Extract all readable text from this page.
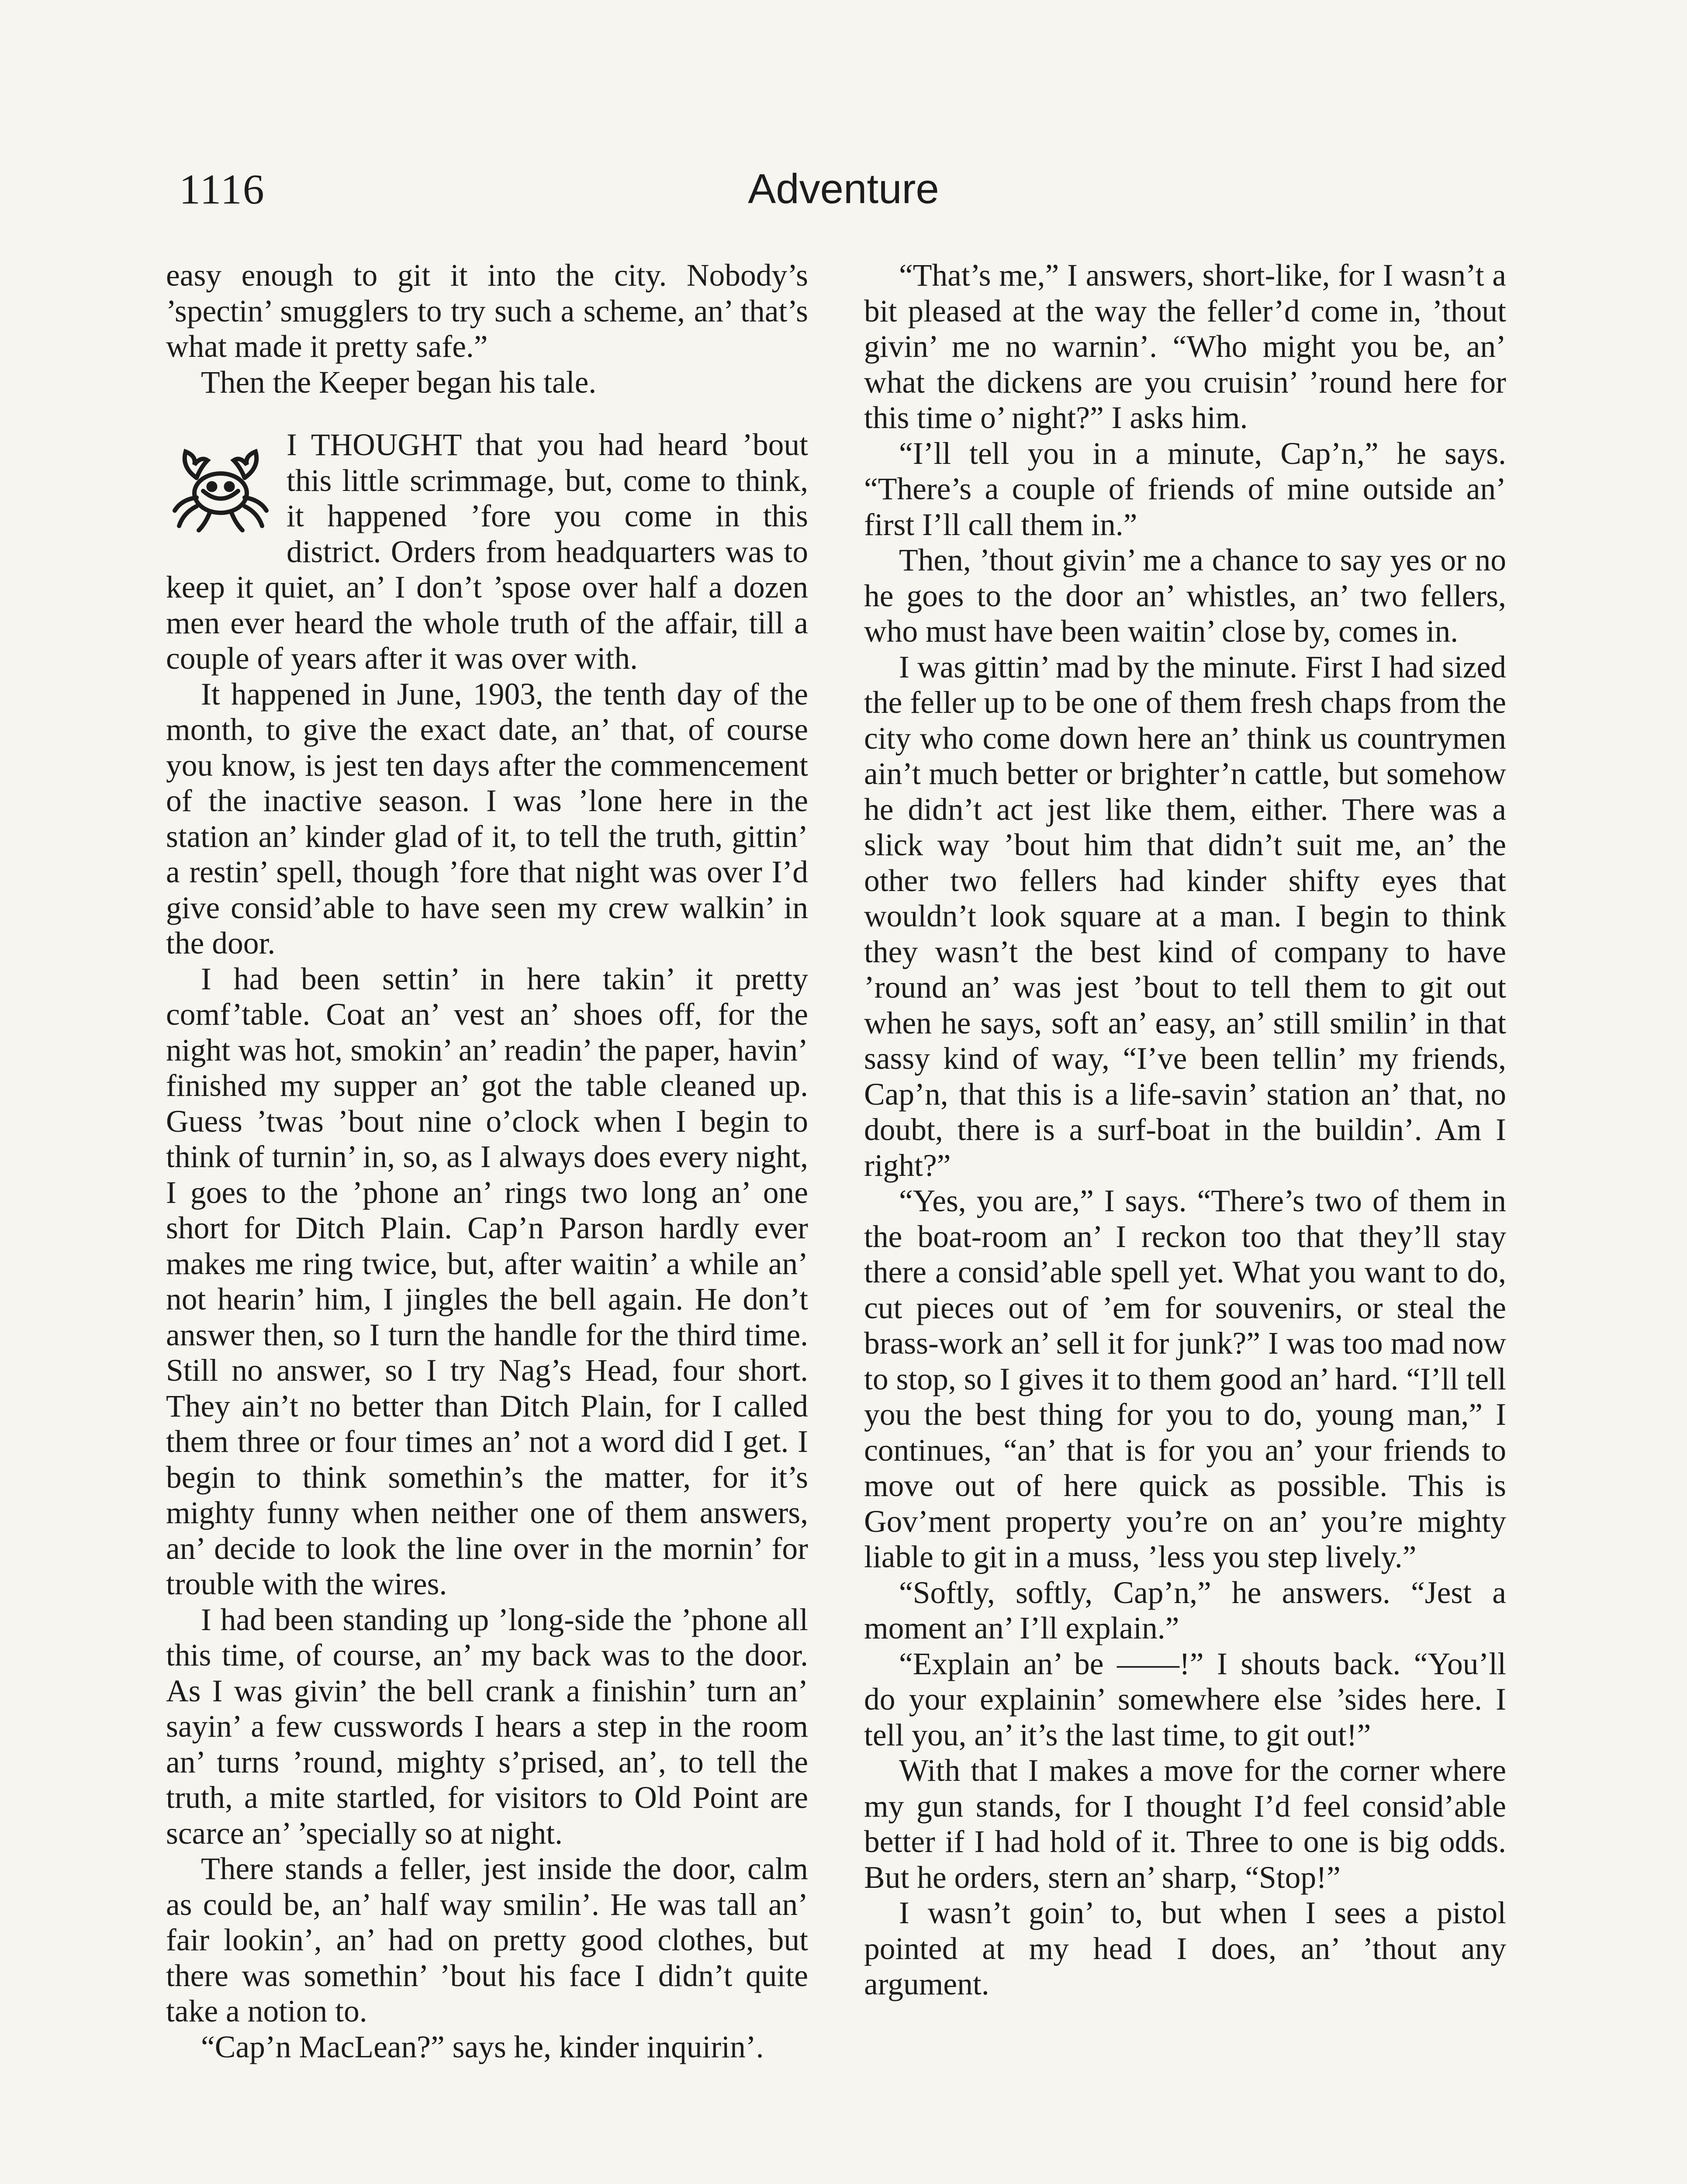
1116	Adventure

easy enough to git it into the city. Nobody’s ’spectin’ smugglers to try such a scheme, an’ that’s what made it pretty safe.”

Then the Keeper began his tale.

I THOUGHT that you had heard ’bout this little scrimmage, but, come to think, it happened ’fore you come in this district. Orders from headquarters was to keep it quiet, an’ I don’t ’spose over half a dozen men ever heard the whole truth of the affair, till a couple of years after it was over with.

It happened in June, 1903, the tenth day of the month, to give the exact date, an’ that, of course you know, is jest ten days after the commencement of the inactive season. I was ’lone here in the station an’ kinder glad of it, to tell the truth, gittin’ a restin’ spell, though ’fore that night was over I’d give consid’able to have seen my crew walkin’ in the door.

I had been settin’ in here takin’ it pretty comf’table. Coat an’ vest an’ shoes off, for the night was hot, smokin’ an’ readin’ the paper, havin’ finished my supper an’ got the table cleaned up. Guess ’twas ’bout nine o’clock when I begin to think of turnin’ in, so, as I always does every night, I goes to the ’phone an’ rings two long an’ one short for Ditch Plain. Cap’n Parson hardly ever makes me ring twice, but, after waitin’ a while an’ not hearin’ him, I jingles the bell again. He don’t answer then, so I turn the handle for the third time. Still no answer, so I try Nag’s Head, four short. They ain’t no better than Ditch Plain, for I called them three or four times an’ not a word did I get. I begin to think somethin’s the matter, for it’s mighty funny when neither one of them answers, an’ decide to look the line over in the mornin’ for trouble with the wires.

I had been standing up ’long-side the ’phone all this time, of course, an’ my back was to the door. As I was givin’ the bell crank a finishin’ turn an’ sayin’ a few cusswords I hears a step in the room an’ turns ’round, mighty s’prised, an’, to tell the truth, a mite startled, for visitors to Old Point are scarce an’ ’specially so at night.

There stands a feller, jest inside the door, calm as could be, an’ half way smilin’. He was tall an’ fair lookin’, an’ had on pretty good clothes, but there was somethin’ ’bout his face I didn’t quite take a notion to.

“Cap’n MacLean?” says he, kinder inquirin’.

“That’s me,” I answers, short-like, for I wasn’t a bit pleased at the way the feller’d come in, ’thout givin’ me no warnin’. “Who might you be, an’ what the dickens are you cruisin’ ’round here for this time o’ night?” I asks him.

“I’ll tell you in a minute, Cap’n,” he says. “There’s a couple of friends of mine outside an’ first I’ll call them in.”

Then, ’thout givin’ me a chance to say yes or no he goes to the door an’ whistles, an’ two fellers, who must have been waitin’ close by, comes in.

I was gittin’ mad by the minute. First I had sized the feller up to be one of them fresh chaps from the city who come down here an’ think us countrymen ain’t much better or brighter’n cattle, but somehow he didn’t act jest like them, either. There was a slick way ’bout him that didn’t suit me, an’ the other two fellers had kinder shifty eyes that wouldn’t look square at a man. I begin to think they wasn’t the best kind of company to have ’round an’ was jest ’bout to tell them to git out when he says, soft an’ easy, an’ still smilin’ in that sassy kind of way, “I’ve been tellin’ my friends, Cap’n, that this is a life-savin’ station an’ that, no doubt, there is a surf-boat in the buildin’. Am I right?”

“Yes, you are,” I says. “There’s two of them in the boat-room an’ I reckon too that they’ll stay there a consid’able spell yet. What you want to do, cut pieces out of ’em for souvenirs, or steal the brass-work an’ sell it for junk?” I was too mad now to stop, so I gives it to them good an’ hard. “I’ll tell you the best thing for you to do, young man,” I continues, “an’ that is for you an’ your friends to move out of here quick as possible. This is Gov’ment property you’re on an’ you’re mighty liable to git in a muss, ’less you step lively.”

“Softly, softly, Cap’n,” he answers. “Jest a moment an’ I’ll explain.”

“Explain an’ be ——!” I shouts back. “You’ll do your explainin’ somewhere else ’sides here. I tell you, an’ it’s the last time, to git out!”

With that I makes a move for the corner where my gun stands, for I thought I’d feel consid’able better if I had hold of it. Three to one is big odds. But he orders, stern an’ sharp, “Stop!”

I wasn’t goin’ to, but when I sees a pistol pointed at my head I does, an’ ’thout any argument.
